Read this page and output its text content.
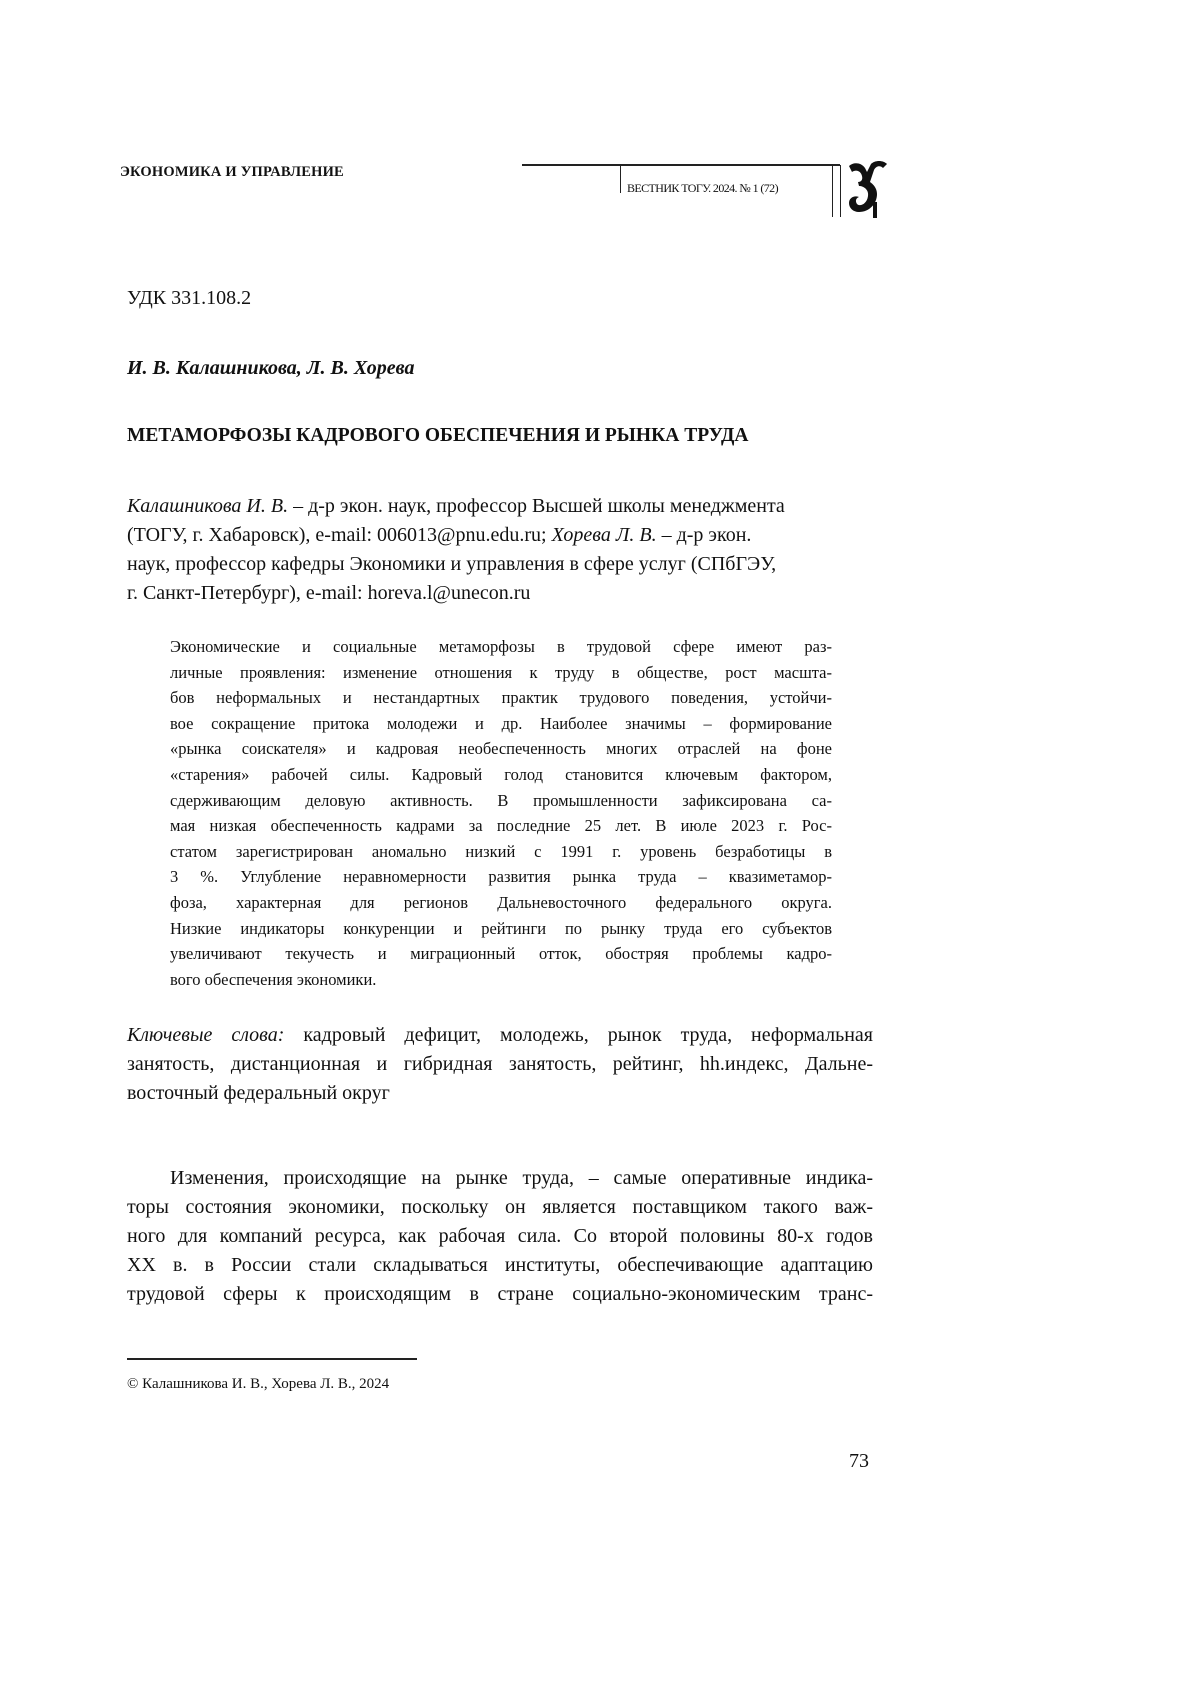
ЭКОНОМИКА И УПРАВЛЕНИЕ
ВЕСТНИК ТОГУ. 2024. № 1 (72)
УДК 331.108.2
И. В. Калашникова, Л. В. Хорева
МЕТАМОРФОЗЫ КАДРОВОГО ОБЕСПЕЧЕНИЯ И РЫНКА ТРУДА
Калашникова И. В. – д-р экон. наук, профессор Высшей школы менеджмента
(ТОГУ, г. Хабаровск), e-mail: 006013@pnu.edu.ru; Хорева Л. В. – д-р экон.
наук, профессор кафедры Экономики и управления в сфере услуг (СПбГЭУ,
г. Санкт-Петербург), e-mail: horeva.l@unecon.ru
Экономические и социальные метаморфозы в трудовой сфере имеют раз-
личные проявления: изменение отношения к труду в обществе, рост масшта-
бов неформальных и нестандартных практик трудового поведения, устойчи-
вое сокращение притока молодежи и др. Наиболее значимы – формирование
«рынка соискателя» и кадровая необеспеченность многих отраслей на фоне
«старения» рабочей силы. Кадровый голод становится ключевым фактором,
сдерживающим деловую активность. В промышленности зафиксирована са-
мая низкая обеспеченность кадрами за последние 25 лет. В июле 2023 г. Рос-
статом зарегистрирован аномально низкий с 1991 г. уровень безработицы в
3 %. Углубление неравномерности развития рынка труда – квазиметамор-
фоза, характерная для регионов Дальневосточного федерального округа.
Низкие индикаторы конкуренции и рейтинги по рынку труда его субъектов
увеличивают текучесть и миграционный отток, обостряя проблемы кадро-
вого обеспечения экономики.
Ключевые слова: кадровый дефицит, молодежь, рынок труда, неформальная
занятость, дистанционная и гибридная занятость, рейтинг, hh.индекс, Дальне-
восточный федеральный округ
Изменения, происходящие на рынке труда, – самые оперативные индика-
торы состояния экономики, поскольку он является поставщиком такого важ-
ного для компаний ресурса, как рабочая сила. Со второй половины 80-х годов
XX в. в России стали складываться институты, обеспечивающие адаптацию
трудовой сферы к происходящим в стране социально-экономическим транс-
© Калашникова И. В., Хорева Л. В., 2024
73
